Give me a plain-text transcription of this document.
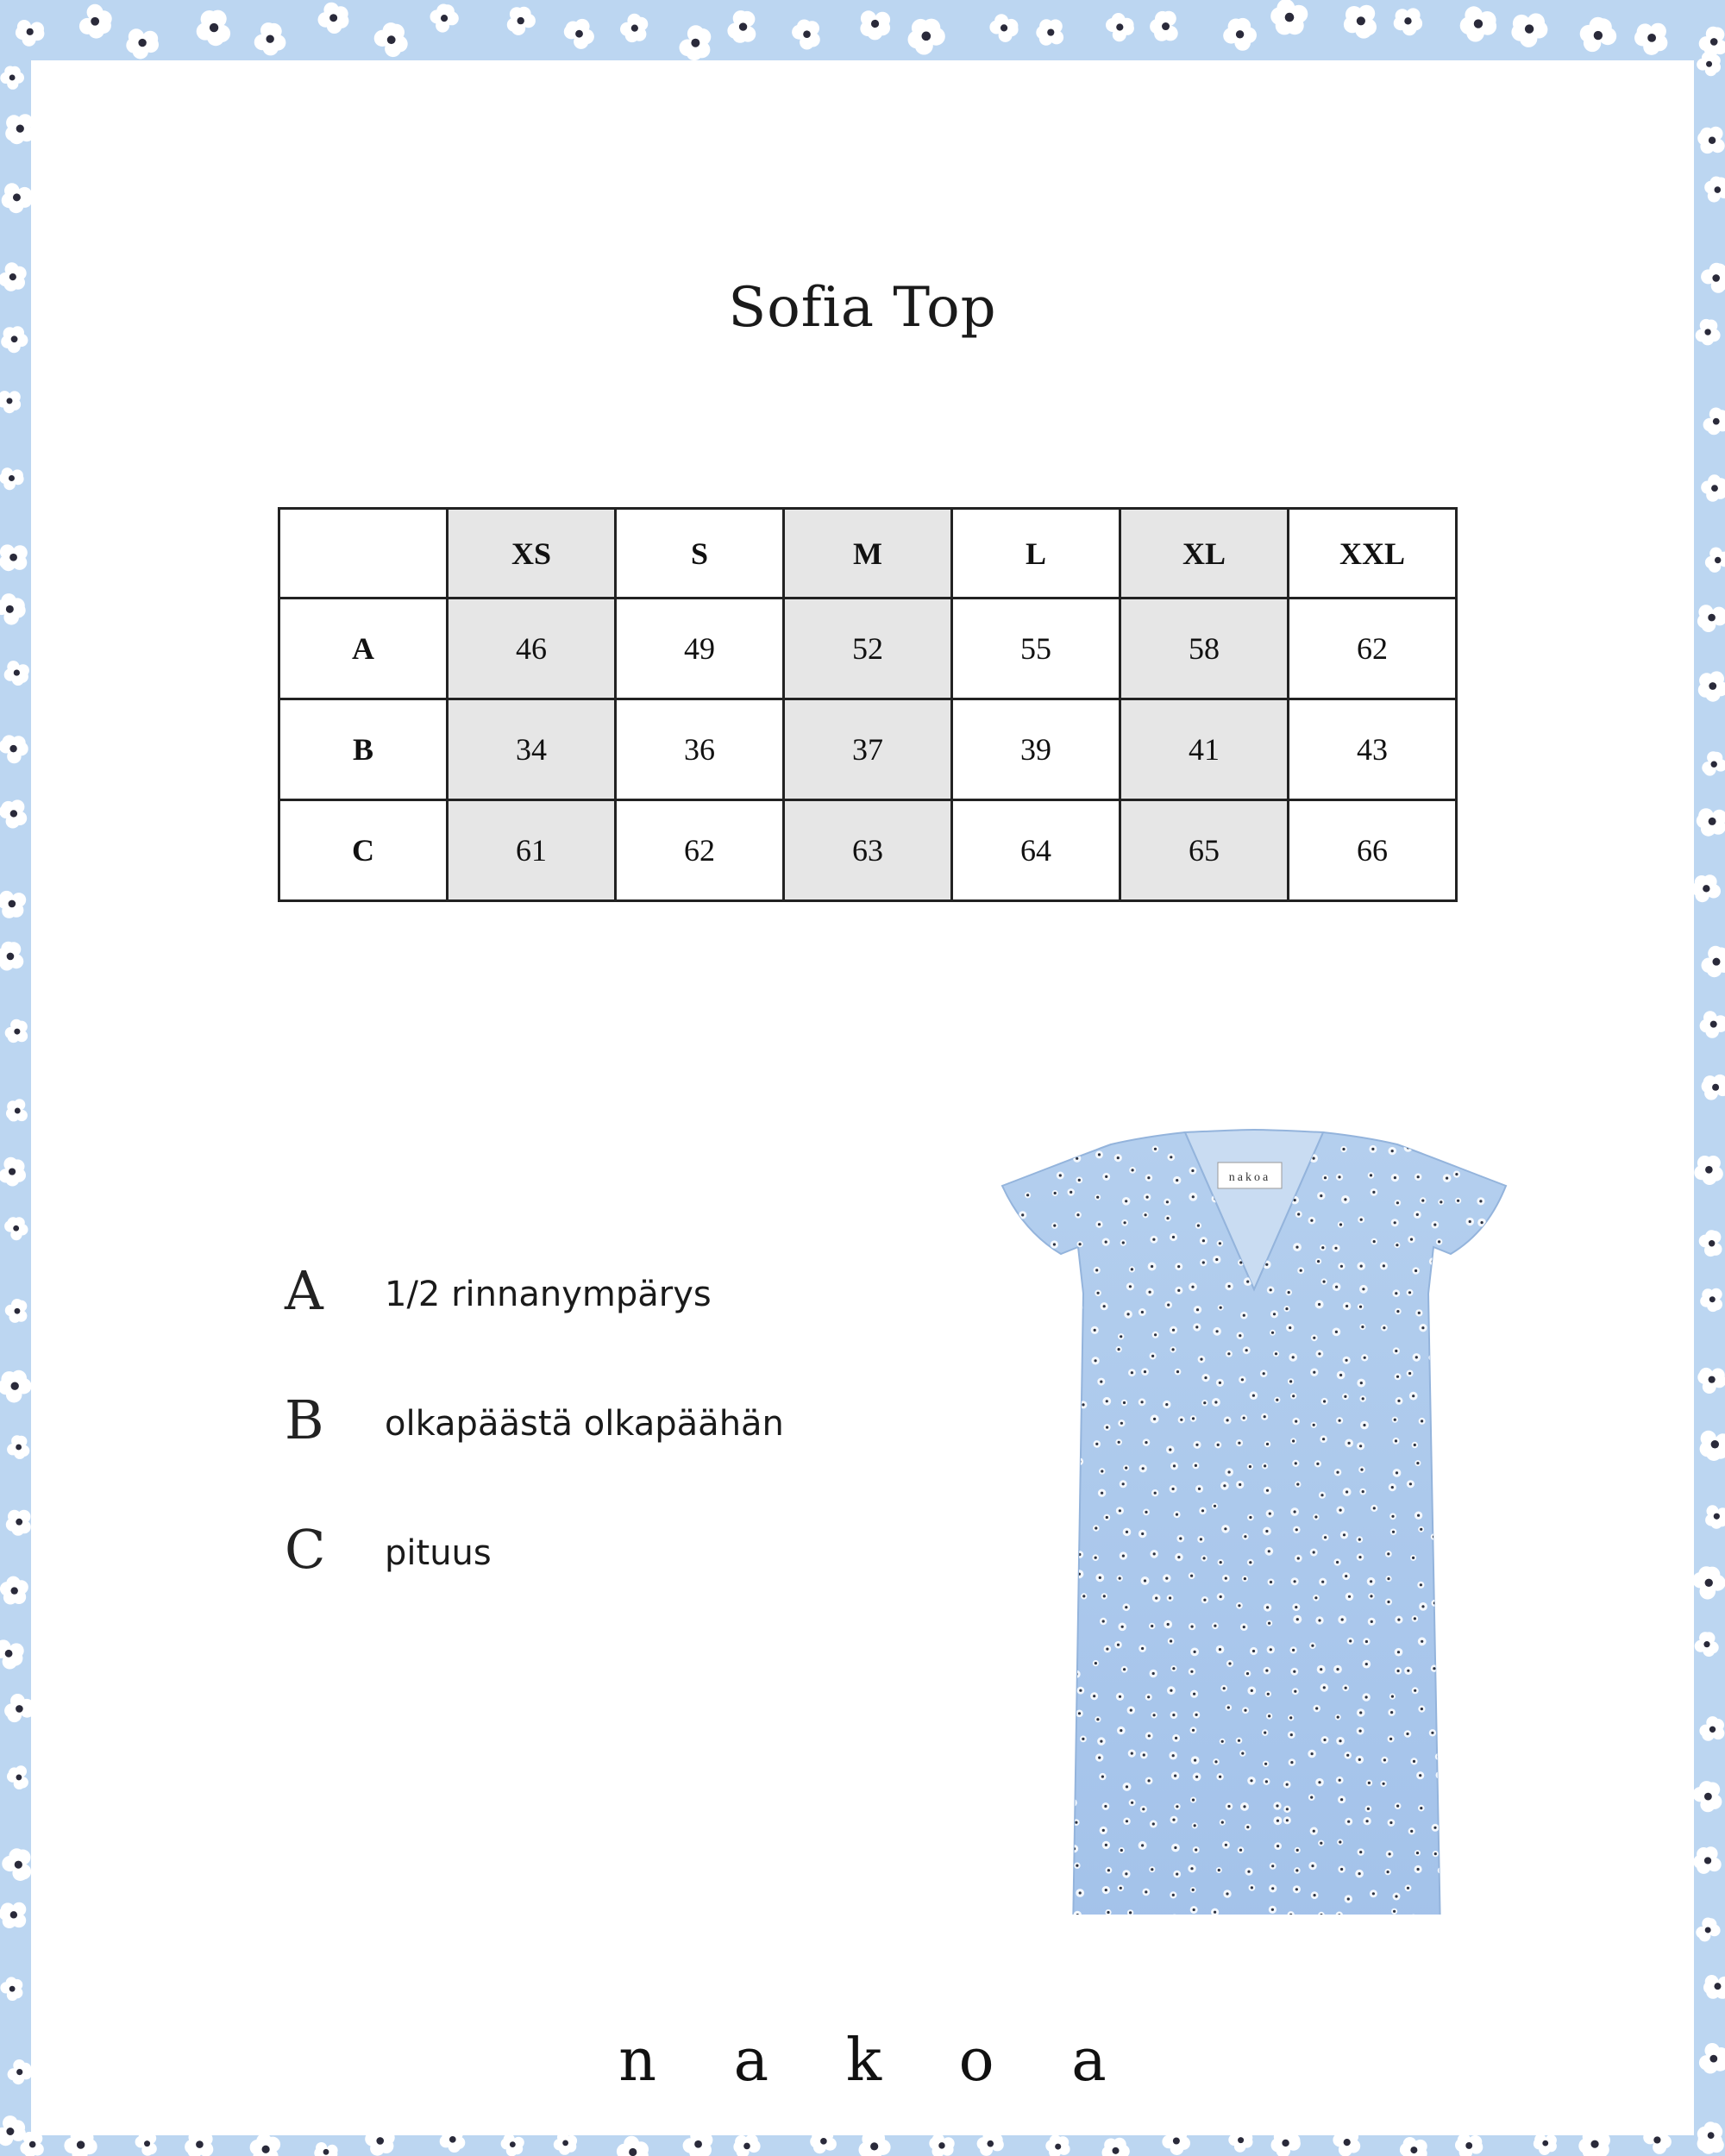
Sofia Top
	XS	S	M	L	XL	XXL
A	46	49	52	55	58	62
B	34	36	37	39	41	43
C	61	62	63	64	65	66
A 1/2 rinnanympärys
B olkapäästä olkapäähän
C pituus
nakoa
n a k o a
